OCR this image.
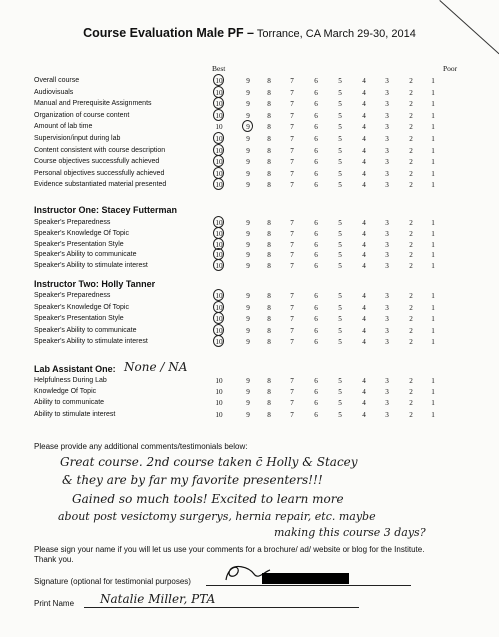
Course Evaluation Male PF – Torrance, CA March 29-30, 2014
Best	Poor
Overall course	10	9	8	7	6	5	4	3	2	1
Audiovisuals	10	9	8	7	6	5	4	3	2	1
Manual and Prerequisite Assignments	10	9	8	7	6	5	4	3	2	1
Organization of course content	10	9	8	7	6	5	4	3	2	1
Amount of lab time	10	9	8	7	6	5	4	3	2	1
Supervision/input during lab	10	9	8	7	6	5	4	3	2	1
Content consistent with course description	10	9	8	7	6	5	4	3	2	1
Course objectives successfully achieved	10	9	8	7	6	5	4	3	2	1
Personal objectives successfully achieved	10	9	8	7	6	5	4	3	2	1
Evidence substantiated material presented	10	9	8	7	6	5	4	3	2	1
Instructor One: Stacey Futterman
Speaker's Preparedness	10	9	8	7	6	5	4	3	2	1
Speaker's Knowledge Of Topic	10	9	8	7	6	5	4	3	2	1
Speaker's Presentation Style	10	9	8	7	6	5	4	3	2	1
Speaker's Ability to communicate	10	9	8	7	6	5	4	3	2	1
Speaker's Ability to stimulate interest	10	9	8	7	6	5	4	3	2	1
Instructor Two: Holly Tanner
Speaker's Preparedness	10	9	8	7	6	5	4	3	2	1
Speaker's Knowledge Of Topic	10	9	8	7	6	5	4	3	2	1
Speaker's Presentation Style	10	9	8	7	6	5	4	3	2	1
Speaker's Ability to communicate	10	9	8	7	6	5	4	3	2	1
Speaker's Ability to stimulate interest	10	9	8	7	6	5	4	3	2	1
Lab Assistant One: None / NA
Helpfulness During Lab	10	9	8	7	6	5	4	3	2	1
Knowledge Of Topic	10	9	8	7	6	5	4	3	2	1
Ability to communicate	10	9	8	7	6	5	4	3	2	1
Ability to stimulate interest	10	9	8	7	6	5	4	3	2	1
Please provide any additional comments/testimonials below:
Great course. 2nd course taken c̄ Holly & Stacey
& they are by far my favorite presenters!!!
Gained so much tools! Excited to learn more
about post vesictomy surgerys, hernia repair, etc. maybe
making this course 3 days?
Please sign your name if you will let us use your comments for a brochure/ ad/ website or blog for the Institute.
Thank you.
Signature (optional for testimonial purposes)
Print Name Natalie Miller, PTA
